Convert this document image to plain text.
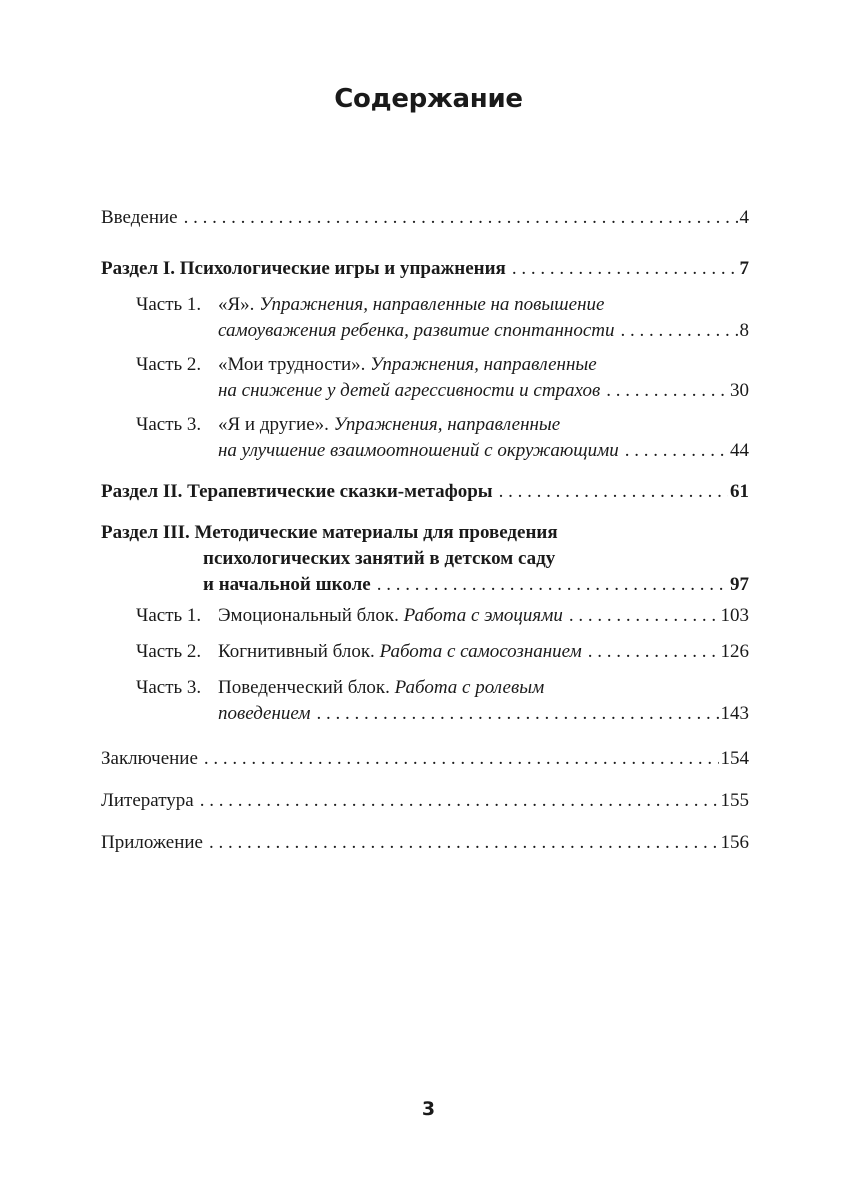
Содержание
Введение . . .	4
Раздел I. Психологические игры и упражнения . . .	7
Часть 1. «Я». Упражнения, направленные на повышение
самоуважения ребенка, развитие спонтанности . . .	8
Часть 2. «Мои трудности». Упражнения, направленные
на снижение у детей агрессивности и страхов . . .	30
Часть 3. «Я и другие». Упражнения, направленные
на улучшение взаимоотношений с окружающими . . .	44
Раздел II. Терапевтические сказки-метафоры . . .	61
Раздел III. Методические материалы для проведения
психологических занятий в детском саду
и начальной школе . . .	97
Часть 1. Эмоциональный блок. Работа с эмоциями . . .	103
Часть 2. Когнитивный блок. Работа с самосознанием . . .	126
Часть 3. Поведенческий блок. Работа с ролевым
поведением . . .	143
Заключение . . .	154
Литература . . .	155
Приложение . . .	156
3
